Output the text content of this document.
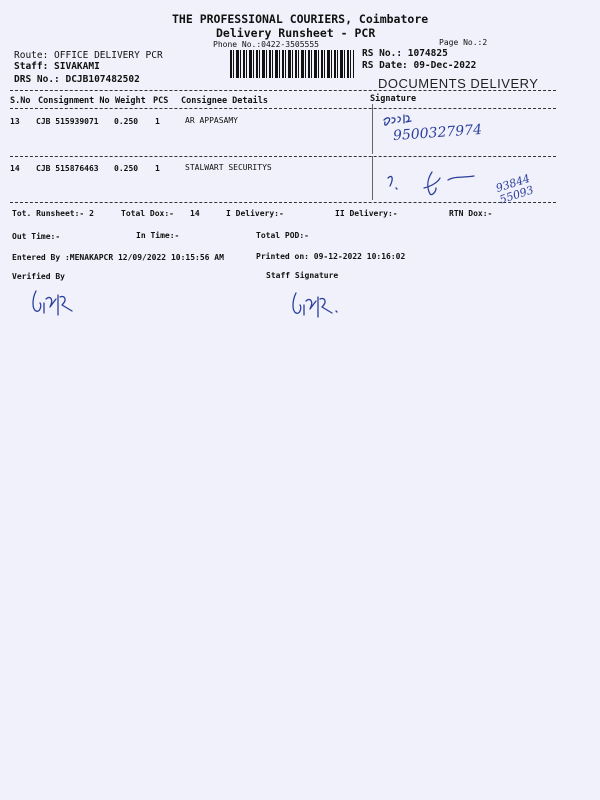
THE PROFESSIONAL COURIERS, Coimbatore
Delivery Runsheet - PCR
Phone No.:0422-3505555	Page No.:2
Route: OFFICE DELIVERY PCR
Staff: SIVAKAMI
DRS No.: DCJB107482502
RS No.: 1074825
RS Date: 09-Dec-2022
DOCUMENTS DELIVERY
S.No Consignment No Weight PCS Consignee Details	Signature
13 CJB 515939071 0.250 1	AR APPASAMY
9500327974
14 CJB 515876463 0.250 1	STALWART SECURITYS
93844 55093
Tot. Runsheet:- 2	Total Dox:- 14	I Delivery:-	II Delivery:-	RTN Dox:-
Out Time:-	In Time:-	Total POD:-
Entered By :MENAKAPCR 12/09/2022 10:15:56 AM	Printed on: 09-12-2022 10:16:02
Verified By	Staff Signature
